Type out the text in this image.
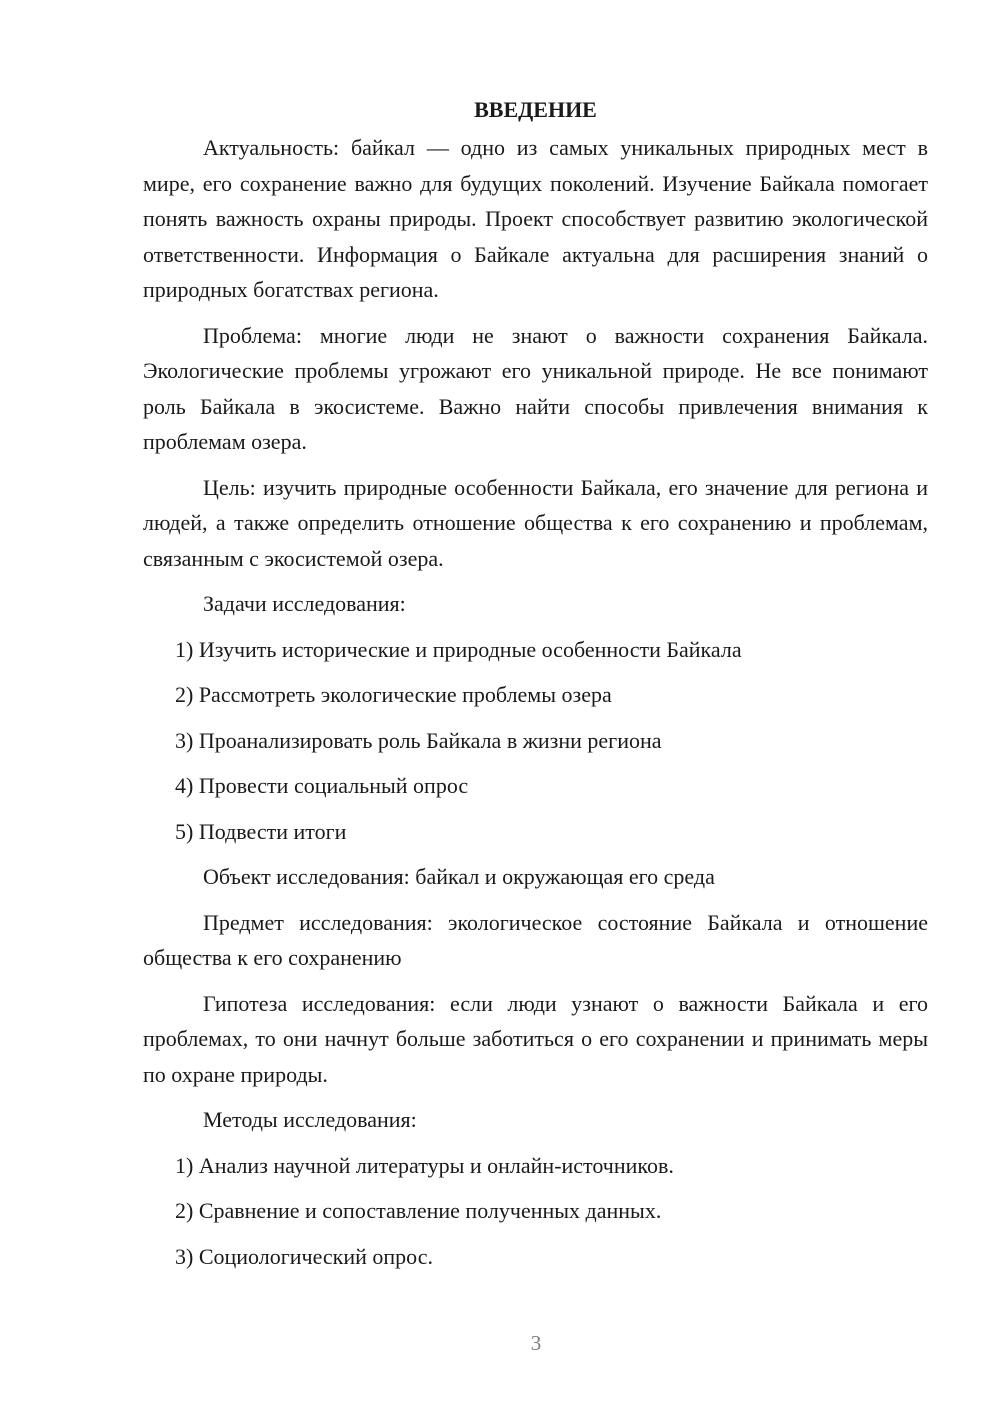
ВВЕДЕНИЕ

Актуальность: байкал — одно из самых уникальных природных мест в мире, его сохранение важно для будущих поколений. Изучение Байкала помогает понять важность охраны природы. Проект способствует развитию экологической ответственности. Информация о Байкале актуальна для расширения знаний о природных богатствах региона.

Проблема: многие люди не знают о важности сохранения Байкала. Экологические проблемы угрожают его уникальной природе. Не все понимают роль Байкала в экосистеме. Важно найти способы привлечения внимания к проблемам озера.

Цель: изучить природные особенности Байкала, его значение для региона и людей, а также определить отношение общества к его сохранению и проблемам, связанным с экосистемой озера.

Задачи исследования:

1) Изучить исторические и природные особенности Байкала
2) Рассмотреть экологические проблемы озера
3) Проанализировать роль Байкала в жизни региона
4) Провести социальный опрос
5) Подвести итоги

Объект исследования: байкал и окружающая его среда

Предмет исследования: экологическое состояние Байкала и отношение общества к его сохранению

Гипотеза исследования: если люди узнают о важности Байкала и его проблемах, то они начнут больше заботиться о его сохранении и принимать меры по охране природы.

Методы исследования:

1) Анализ научной литературы и онлайн-источников.
2) Сравнение и сопоставление полученных данных.
3) Социологический опрос.
3
